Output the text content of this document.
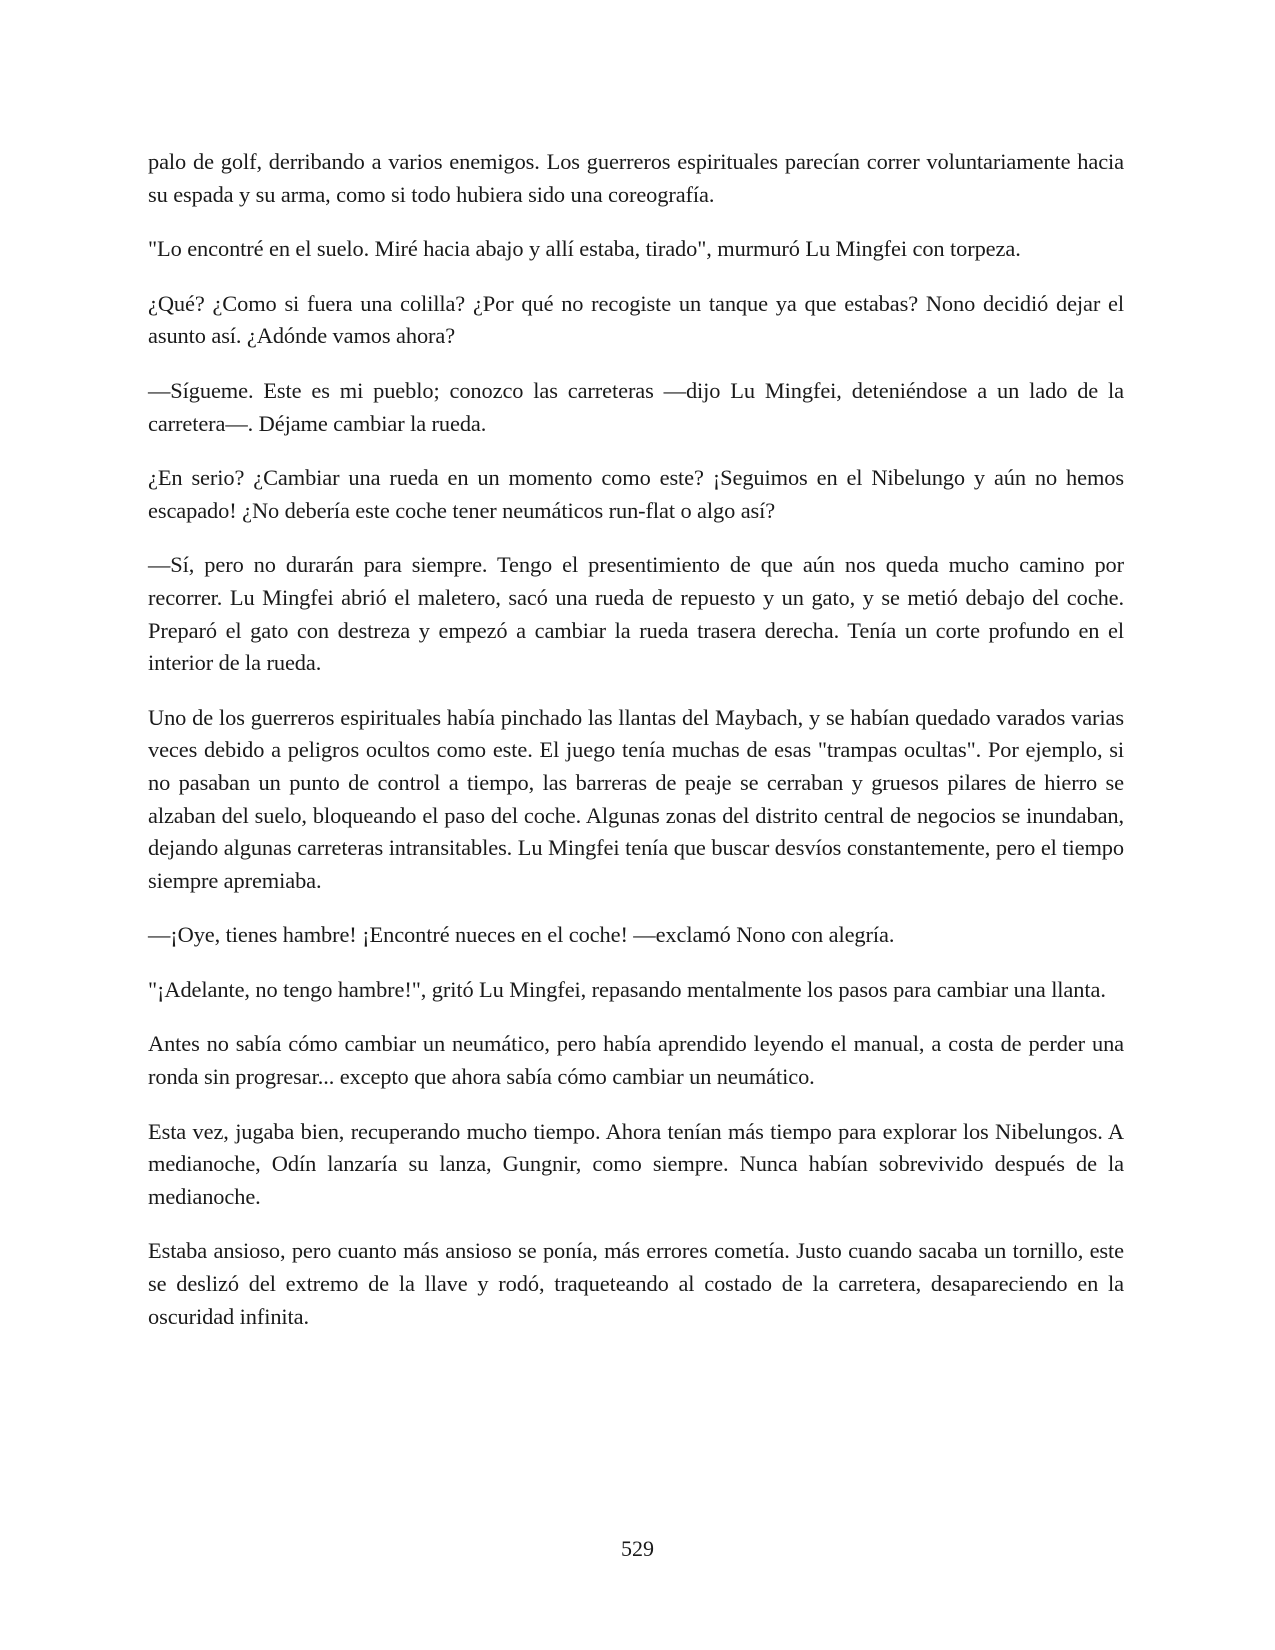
palo de golf, derribando a varios enemigos. Los guerreros espirituales parecían correr voluntariamente hacia su espada y su arma, como si todo hubiera sido una coreografía.

"Lo encontré en el suelo. Miré hacia abajo y allí estaba, tirado", murmuró Lu Mingfei con torpeza.

¿Qué? ¿Como si fuera una colilla? ¿Por qué no recogiste un tanque ya que estabas? Nono decidió dejar el asunto así. ¿Adónde vamos ahora?

—Sígueme. Este es mi pueblo; conozco las carreteras —dijo Lu Mingfei, deteniéndose a un lado de la carretera—. Déjame cambiar la rueda.

¿En serio? ¿Cambiar una rueda en un momento como este? ¡Seguimos en el Nibelungo y aún no hemos escapado! ¿No debería este coche tener neumáticos run-flat o algo así?

—Sí, pero no durarán para siempre. Tengo el presentimiento de que aún nos queda mucho camino por recorrer. Lu Mingfei abrió el maletero, sacó una rueda de repuesto y un gato, y se metió debajo del coche. Preparó el gato con destreza y empezó a cambiar la rueda trasera derecha. Tenía un corte profundo en el interior de la rueda.

Uno de los guerreros espirituales había pinchado las llantas del Maybach, y se habían quedado varados varias veces debido a peligros ocultos como este. El juego tenía muchas de esas "trampas ocultas". Por ejemplo, si no pasaban un punto de control a tiempo, las barreras de peaje se cerraban y gruesos pilares de hierro se alzaban del suelo, bloqueando el paso del coche. Algunas zonas del distrito central de negocios se inundaban, dejando algunas carreteras intransitables. Lu Mingfei tenía que buscar desvíos constantemente, pero el tiempo siempre apremiaba.

—¡Oye, tienes hambre! ¡Encontré nueces en el coche! —exclamó Nono con alegría.

"¡Adelante, no tengo hambre!", gritó Lu Mingfei, repasando mentalmente los pasos para cambiar una llanta.

Antes no sabía cómo cambiar un neumático, pero había aprendido leyendo el manual, a costa de perder una ronda sin progresar... excepto que ahora sabía cómo cambiar un neumático.

Esta vez, jugaba bien, recuperando mucho tiempo. Ahora tenían más tiempo para explorar los Nibelungos. A medianoche, Odín lanzaría su lanza, Gungnir, como siempre. Nunca habían sobrevivido después de la medianoche.

Estaba ansioso, pero cuanto más ansioso se ponía, más errores cometía. Justo cuando sacaba un tornillo, este se deslizó del extremo de la llave y rodó, traqueteando al costado de la carretera, desapareciendo en la oscuridad infinita.

529
